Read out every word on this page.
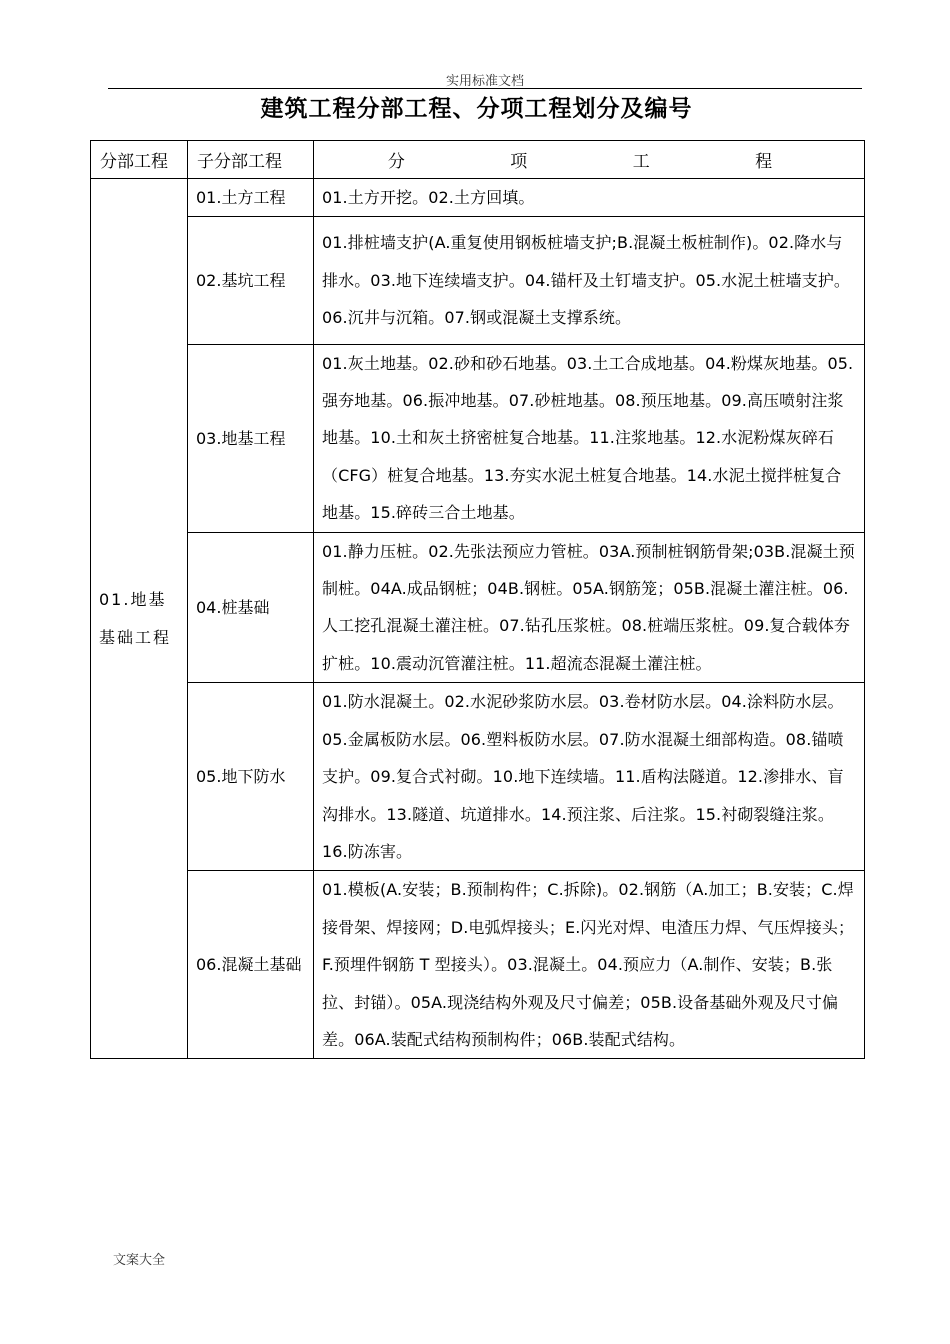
实用标准文档
建筑工程分部工程、分项工程划分及编号
分部工程	子分部工程	分 项 工 程
01.地基基础工程	01.土方工程	01.土方开挖。02.土方回填。
	02.基坑工程	01.排桩墙支护(A.重复使用钢板桩墙支护;B.混凝土板桩制作)。02.降水与排水。03.地下连续墙支护。04.锚杆及土钉墙支护。05.水泥土桩墙支护。06.沉井与沉箱。07.钢或混凝土支撑系统。
	03.地基工程	01.灰土地基。02.砂和砂石地基。03.土工合成地基。04.粉煤灰地基。05.强夯地基。06.振冲地基。07.砂桩地基。08.预压地基。09.高压喷射注浆地基。10.土和灰土挤密桩复合地基。11.注浆地基。12.水泥粉煤灰碎石（CFG）桩复合地基。13.夯实水泥土桩复合地基。14.水泥土搅拌桩复合地基。15.碎砖三合土地基。
	04.桩基础	01.静力压桩。02.先张法预应力管桩。03A.预制桩钢筋骨架;03B.混凝土预制桩。04A.成品钢桩；04B.钢桩。05A.钢筋笼；05B.混凝土灌注桩。06.人工挖孔混凝土灌注桩。07.钻孔压浆桩。08.桩端压浆桩。09.复合载体夯扩桩。10.震动沉管灌注桩。11.超流态混凝土灌注桩。
	05.地下防水	01.防水混凝土。02.水泥砂浆防水层。03.卷材防水层。04.涂料防水层。05.金属板防水层。06.塑料板防水层。07.防水混凝土细部构造。08.锚喷支护。09.复合式衬砌。10.地下连续墙。11.盾构法隧道。12.渗排水、盲沟排水。13.隧道、坑道排水。14.预注浆、后注浆。15.衬砌裂缝注浆。16.防冻害。
	06.混凝土基础	01.模板(A.安装；B.预制构件；C.拆除)。02.钢筋（A.加工；B.安装；C.焊接骨架、焊接网；D.电弧焊接头；E.闪光对焊、电渣压力焊、气压焊接头；F.预埋件钢筋 T 型接头）。03.混凝土。04.预应力（A.制作、安装；B.张拉、封锚）。05A.现浇结构外观及尺寸偏差；05B.设备基础外观及尺寸偏差。06A.装配式结构预制构件；06B.装配式结构。
文案大全
